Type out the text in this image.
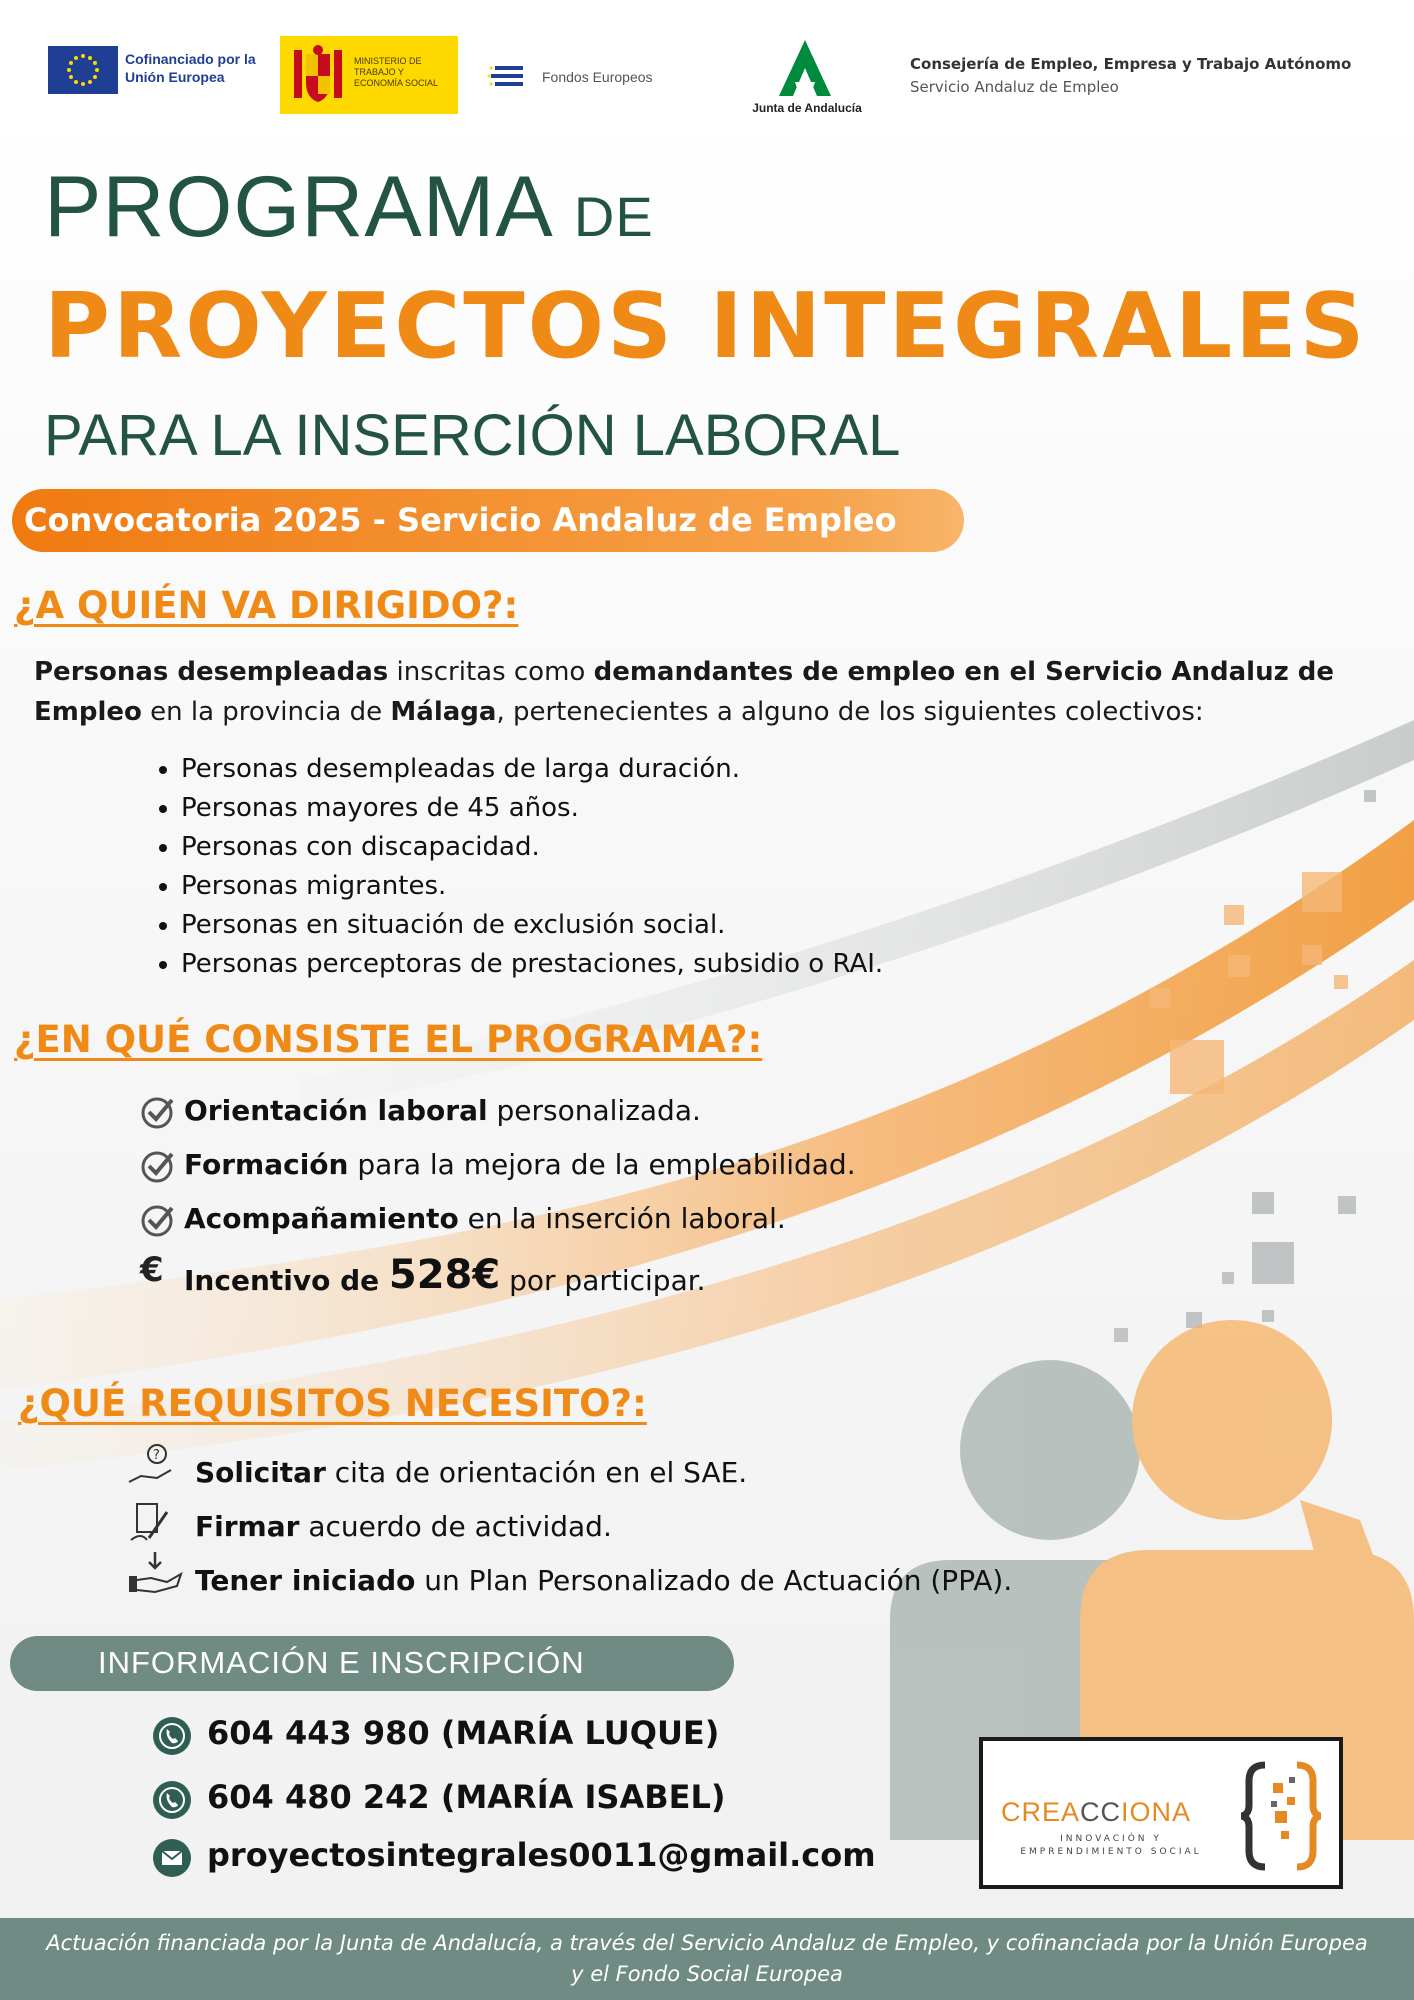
Cofinanciado por la Unión Europea
MINISTERIO DE TRABAJO Y ECONOMÍA SOCIAL	Fondos Europeos
Junta de Andalucía
Consejería de Empleo, Empresa y Trabajo Autónomo
Servicio Andaluz de Empleo
PROGRAMA DE
PROYECTOS INTEGRALES
PARA LA INSERCIÓN LABORAL
Convocatoria 2025 - Servicio Andaluz de Empleo
¿A QUIÉN VA DIRIGIDO?:
Personas desempleadas inscritas como demandantes de empleo en el Servicio Andaluz de Empleo en la provincia de Málaga, pertenecientes a alguno de los siguientes colectivos:
• Personas desempleadas de larga duración.
• Personas mayores de 45 años.
• Personas con discapacidad.
• Personas migrantes.
• Personas en situación de exclusión social.
• Personas perceptoras de prestaciones, subsidio o RAI.
¿EN QUÉ CONSISTE EL PROGRAMA?:
Orientación laboral personalizada.
Formación para la mejora de la empleabilidad.
Acompañamiento en la inserción laboral.
€ Incentivo de 528€ por participar.
¿QUÉ REQUISITOS NECESITO?:
?
Solicitar cita de orientación en el SAE.
Firmar acuerdo de actividad.
Tener iniciado un Plan Personalizado de Actuación (PPA).
INFORMACIÓN E INSCRIPCIÓN
604 443 980 (MARÍA LUQUE)
604 480 242 (MARÍA ISABEL)
proyectosintegrales0011@gmail.com
CREACCIONA
INNOVACIÓN Y EMPRENDIMIENTO SOCIAL

Actuación financiada por la Junta de Andalucía, a través del Servicio Andaluz de Empleo, y cofinanciada por la Unión Europea y el Fondo Social Europea
